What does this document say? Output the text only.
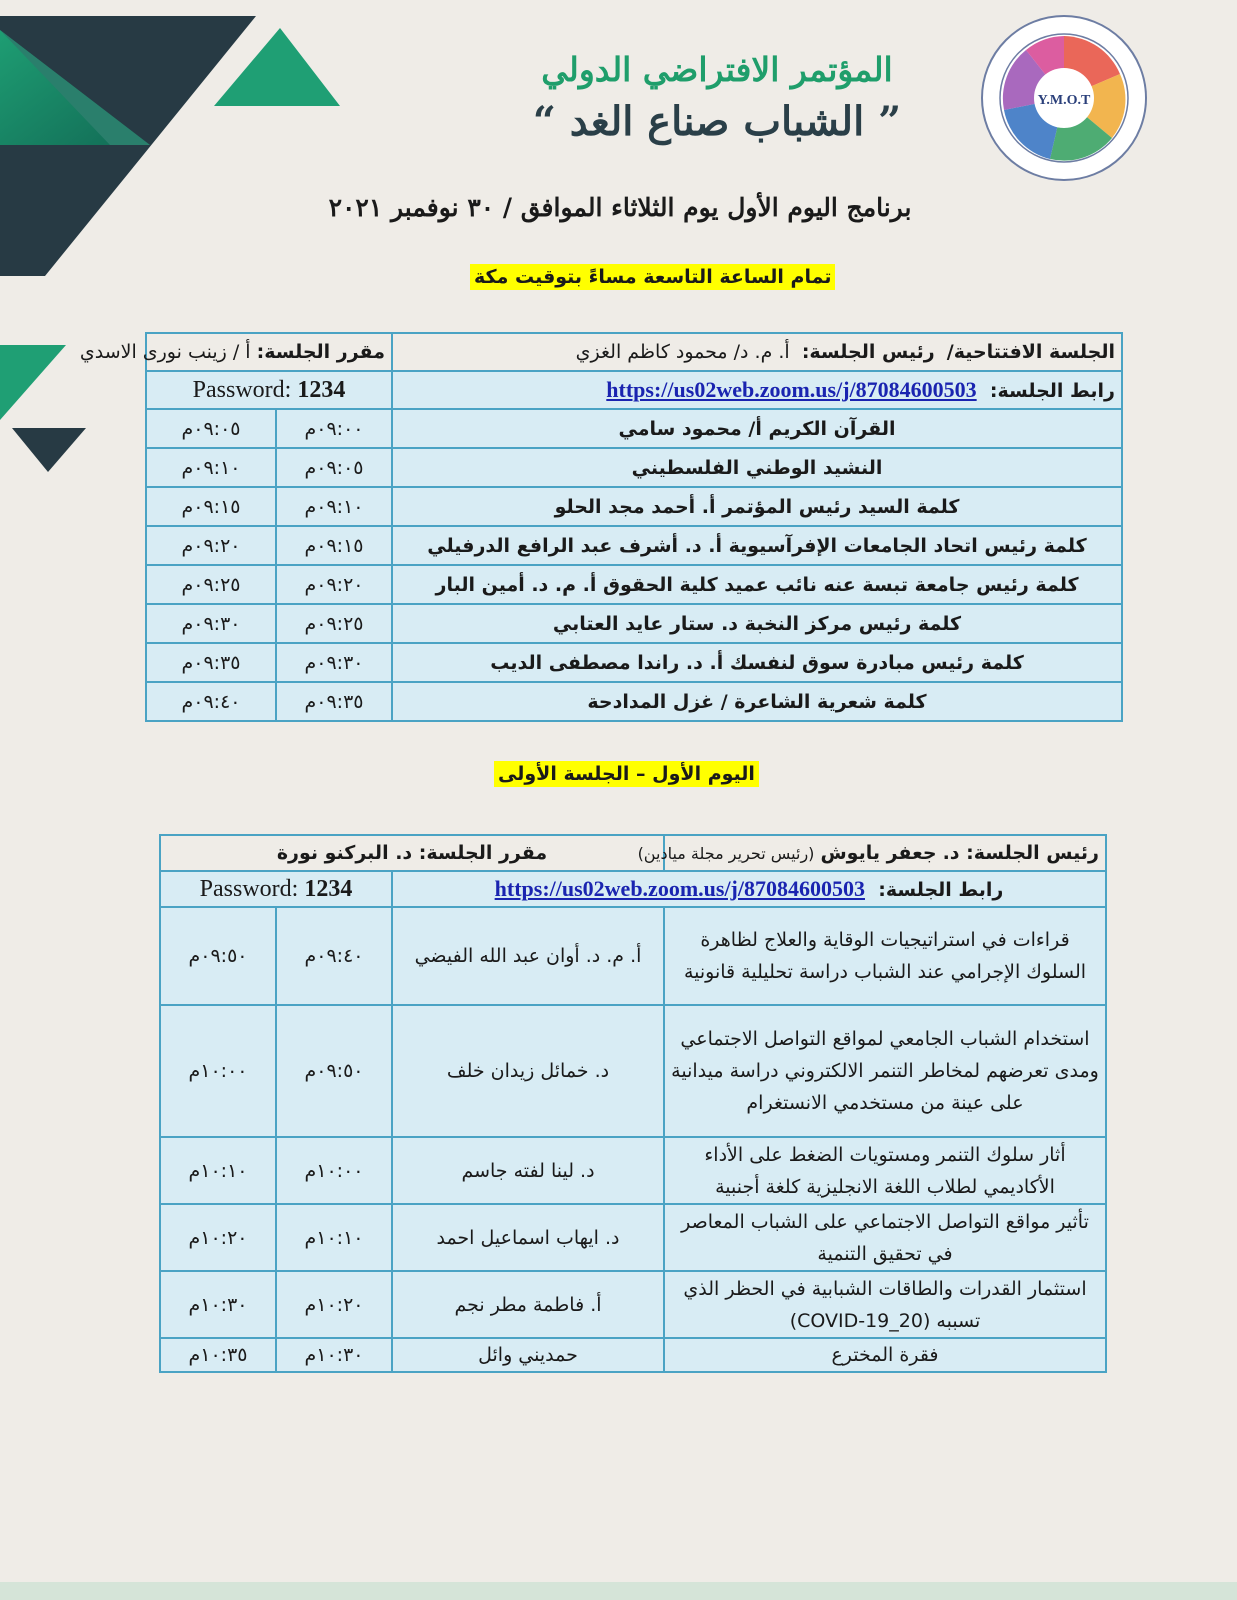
Y.M.O.T
المؤتمر الافتراضي الدولي
” الشباب صناع الغد “
برنامج اليوم الأول يوم الثلاثاء الموافق / ٣٠ نوفمبر ٢٠٢١
تمام الساعة التاسعة مساءً بتوقيت مكة
الجلسة الافتتاحية/  رئيس الجلسة:  أ. م. د/ محمود كاظم الغزي	مقرر الجلسة: أ / زينب نورى الاسدي	
رابط الجلسة:  https://us02web.zoom.us/j/87084600503	Password: 1234	
القرآن الكريم أ/ محمود سامي	٠٩:٠٠م	٠٩:٠٥م
النشيد الوطني الفلسطيني	٠٩:٠٥م	٠٩:١٠م
كلمة السيد رئيس المؤتمر أ. أحمد مجد الحلو	٠٩:١٠م	٠٩:١٥م
كلمة رئيس اتحاد الجامعات الإفرآسيوية أ. د. أشرف عبد الرافع الدرفيلي	٠٩:١٥م	٠٩:٢٠م
كلمة رئيس جامعة تبسة عنه نائب عميد كلية الحقوق أ. م. د. أمين البار	٠٩:٢٠م	٠٩:٢٥م
كلمة رئيس مركز النخبة د. ستار عايد العتابي	٠٩:٢٥م	٠٩:٣٠م
كلمة رئيس مبادرة سوق لنفسك أ. د. راندا مصطفى الديب	٠٩:٣٠م	٠٩:٣٥م
كلمة شعرية الشاعرة / غزل المدادحة	٠٩:٣٥م	٠٩:٤٠م
اليوم الأول – الجلسة الأولى
رئيس الجلسة: د. جعفر يايوش (رئيس تحرير مجلة ميادين)	مقرر الجلسة: د. البركنو نورة		
رابط الجلسة:  https://us02web.zoom.us/j/87084600503		Password: 1234	
قراءات في استراتيجيات الوقاية والعلاج لظاهرة السلوك الإجرامي عند الشباب دراسة تحليلية قانونية	أ. م. د. أوان عبد الله الفيضي	٠٩:٤٠م	٠٩:٥٠م
استخدام الشباب الجامعي لمواقع التواصل الاجتماعي ومدى تعرضهم لمخاطر التنمر الالكتروني دراسة ميدانية على عينة من مستخدمي الانستغرام	د. خمائل زيدان خلف	٠٩:٥٠م	١٠:٠٠م
أثار سلوك التنمر ومستويات الضغط على الأداء الأكاديمي لطلاب اللغة الانجليزية كلغة أجنبية	د. لينا لفته جاسم	١٠:٠٠م	١٠:١٠م
تأثير مواقع التواصل الاجتماعي على الشباب المعاصر في تحقيق التنمية	د. ايهاب اسماعيل احمد	١٠:١٠م	١٠:٢٠م
استثمار القدرات والطاقات الشبابية في الحظر الذي تسببه (COVID-19_20)	أ. فاطمة مطر نجم	١٠:٢٠م	١٠:٣٠م
فقرة المخترع	حمديني وائل	١٠:٣٠م	١٠:٣٥م
